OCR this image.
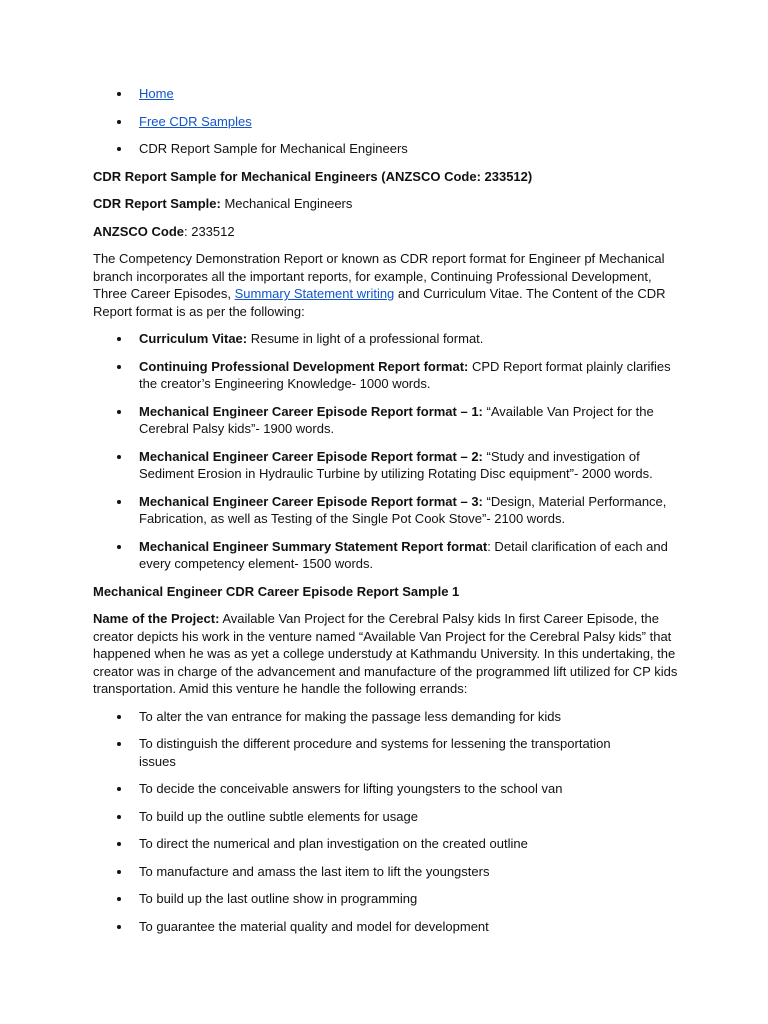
Home
Free CDR Samples
CDR Report Sample for Mechanical Engineers

CDR Report Sample for Mechanical Engineers (ANZSCO Code: 233512)

CDR Report Sample: Mechanical Engineers

ANZSCO Code: 233512

The Competency Demonstration Report or known as CDR report format for Engineer pf Mechanical branch incorporates all the important reports, for example, Continuing Professional Development, Three Career Episodes, Summary Statement writing and Curriculum Vitae. The Content of the CDR Report format is as per the following:

Curriculum Vitae: Resume in light of a professional format.
Continuing Professional Development Report format: CPD Report format plainly clarifies the creator’s Engineering Knowledge- 1000 words.
Mechanical Engineer Career Episode Report format – 1: “Available Van Project for the Cerebral Palsy kids”- 1900 words.
Mechanical Engineer Career Episode Report format – 2: “Study and investigation of Sediment Erosion in Hydraulic Turbine by utilizing Rotating Disc equipment”- 2000 words.
Mechanical Engineer Career Episode Report format – 3: “Design, Material Performance, Fabrication, as well as Testing of the Single Pot Cook Stove”- 2100 words.
Mechanical Engineer Summary Statement Report format: Detail clarification of each and every competency element- 1500 words.

Mechanical Engineer CDR Career Episode Report Sample 1

Name of the Project: Available Van Project for the Cerebral Palsy kids In first Career Episode, the creator depicts his work in the venture named “Available Van Project for the Cerebral Palsy kids” that happened when he was as yet a college understudy at Kathmandu University. In this undertaking, the creator was in charge of the advancement and manufacture of the programmed lift utilized for CP kids transportation. Amid this venture he handle the following errands:

To alter the van entrance for making the passage less demanding for kids
To distinguish the different procedure and systems for lessening the transportation issues
To decide the conceivable answers for lifting youngsters to the school van
To build up the outline subtle elements for usage
To direct the numerical and plan investigation on the created outline
To manufacture and amass the last item to lift the youngsters
To build up the last outline show in programming
To guarantee the material quality and model for development
